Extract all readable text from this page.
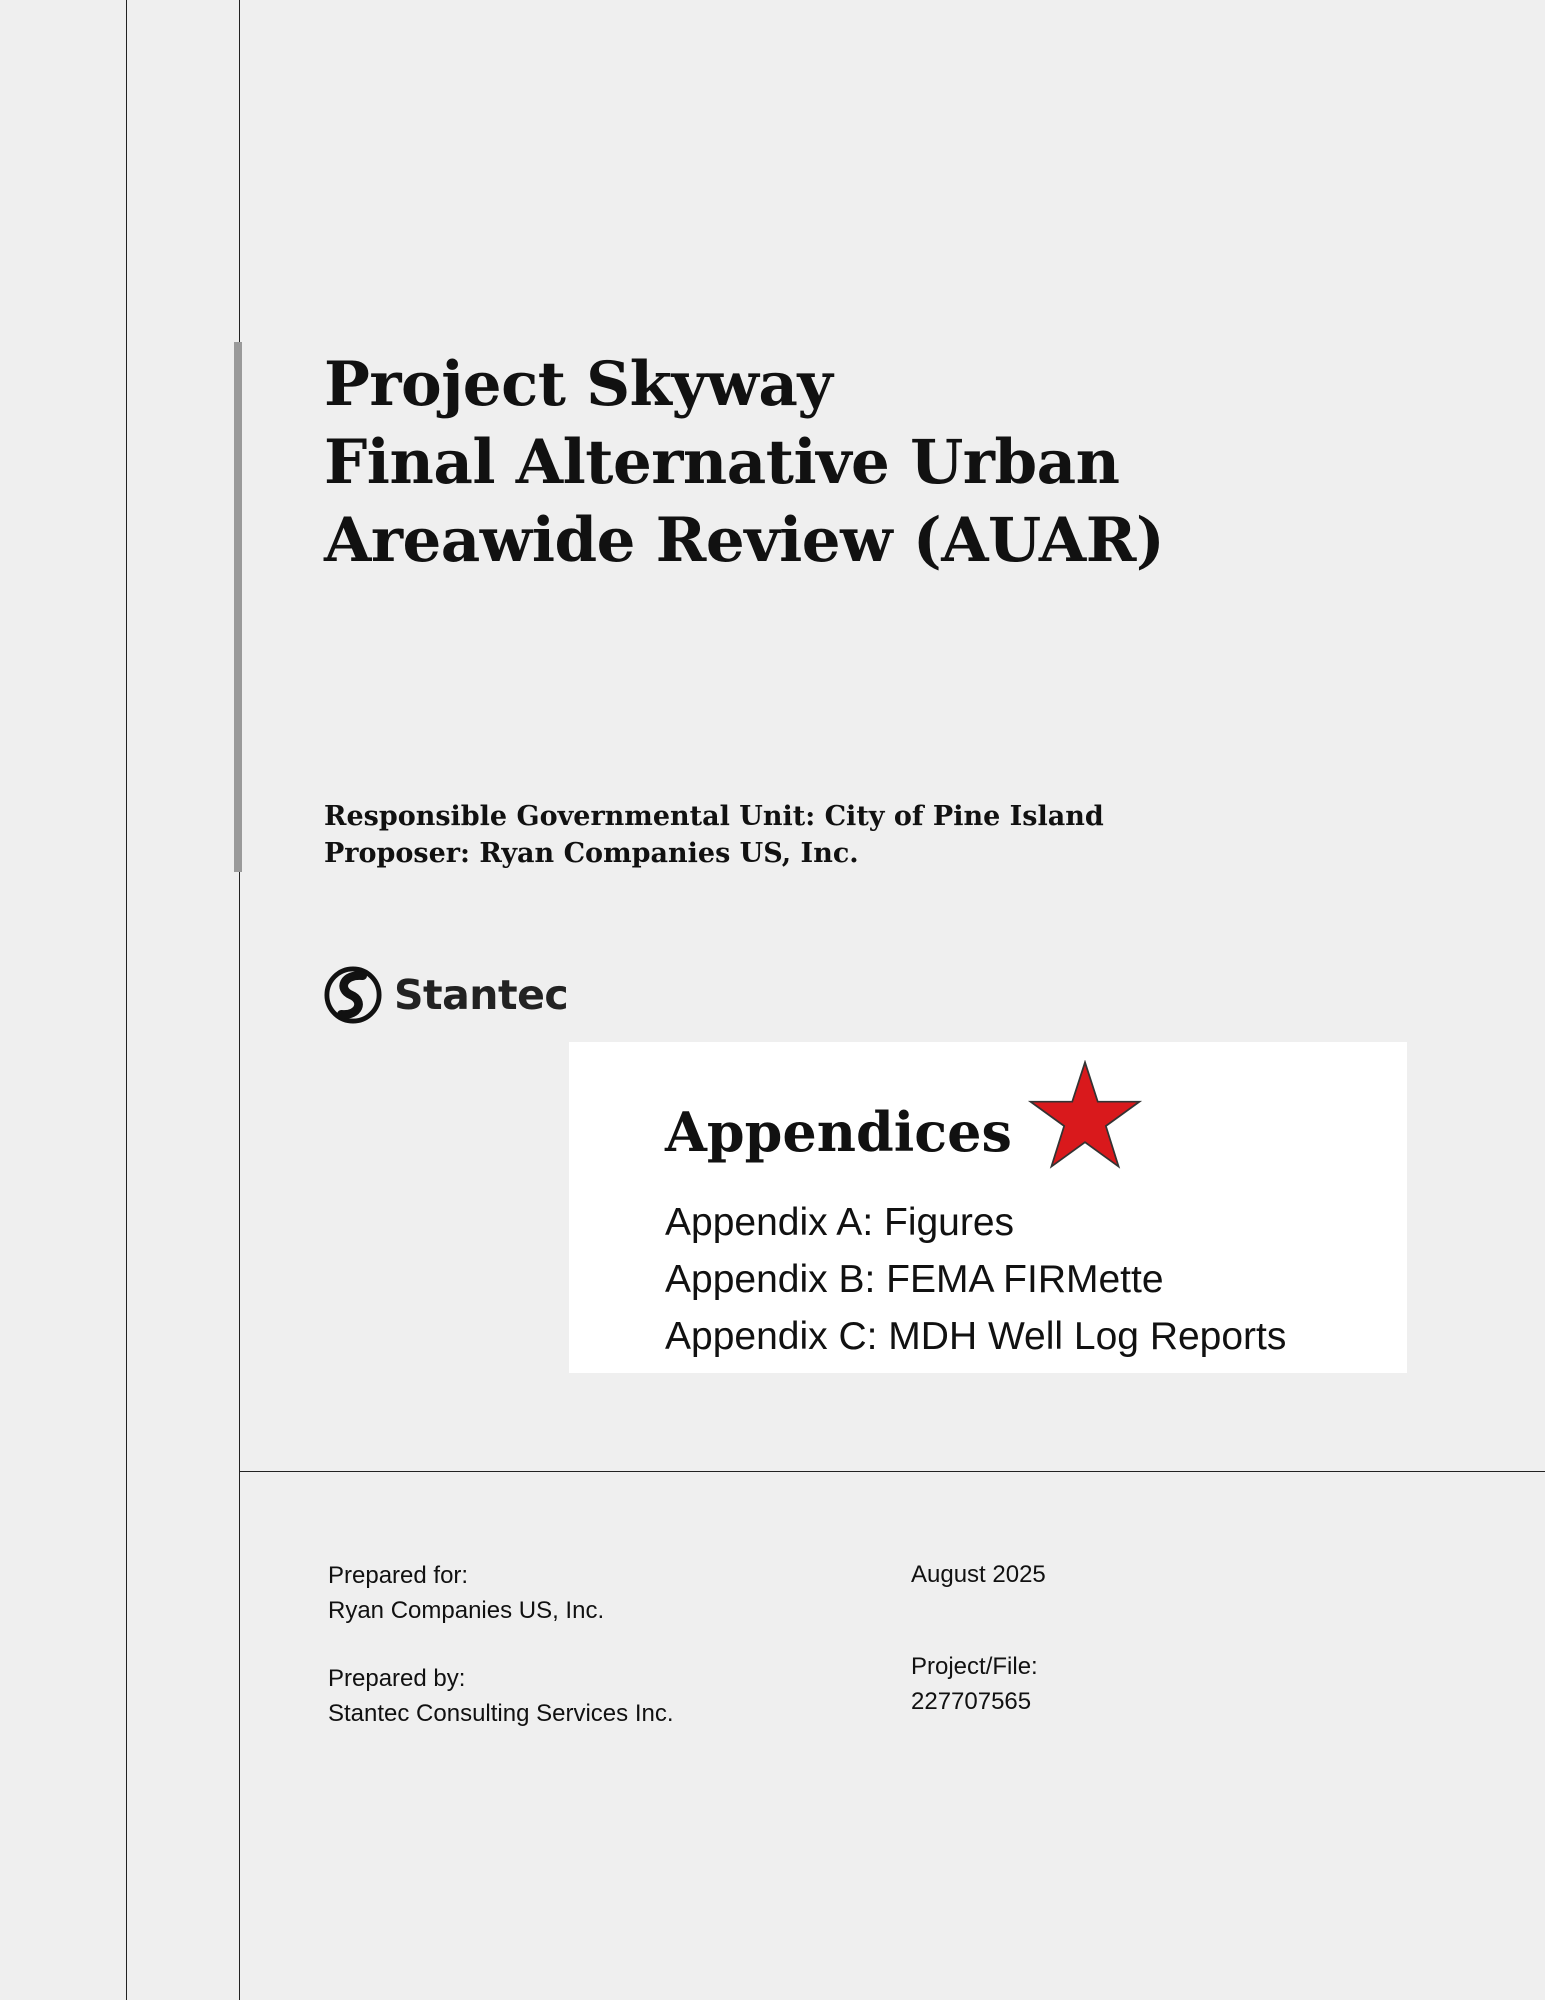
Project Skyway
Final Alternative Urban
Areawide Review (AUAR)
Responsible Governmental Unit: City of Pine Island
Proposer: Ryan Companies US, Inc.
Stantec
Appendices
Appendix A: Figures
Appendix B: FEMA FIRMette
Appendix C: MDH Well Log Reports
Prepared for:
Ryan Companies US, Inc.
Prepared by:
Stantec Consulting Services Inc.
August 2025
Project/File:
227707565
